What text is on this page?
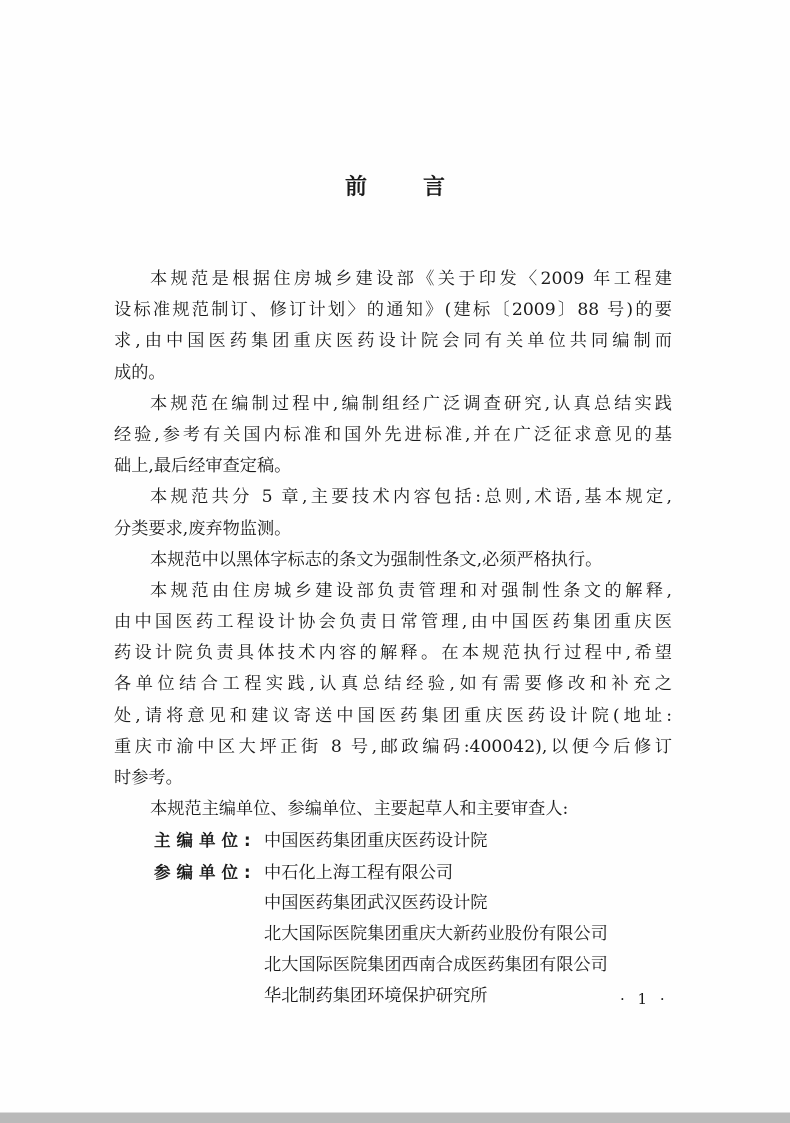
前	言
本规范是根据住房城乡建设部《关于印发〈2009 年工程建
设标准规范制订、修订计划〉的通知》(建标〔2009〕88 号)的要
求,由中国医药集团重庆医药设计院会同有关单位共同编制而
成的。
本规范在编制过程中,编制组经广泛调查研究,认真总结实践
经验,参考有关国内标准和国外先进标准,并在广泛征求意见的基
础上,最后经审查定稿。
本规范共分 5 章,主要技术内容包括:总则,术语,基本规定,
分类要求,废弃物监测。
本规范中以黑体字标志的条文为强制性条文,必须严格执行。
本规范由住房城乡建设部负责管理和对强制性条文的解释,
由中国医药工程设计协会负责日常管理,由中国医药集团重庆医
药设计院负责具体技术内容的解释。在本规范执行过程中,希望
各单位结合工程实践,认真总结经验,如有需要修改和补充之
处,请将意见和建议寄送中国医药集团重庆医药设计院(地址:
重庆市渝中区大坪正街 8 号,邮政编码:400042),以便今后修订
时参考。
本规范主编单位、参编单位、主要起草人和主要审查人:
主编单位: 中国医药集团重庆医药设计院
参编单位: 中石化上海工程有限公司
中国医药集团武汉医药设计院
北大国际医院集团重庆大新药业股份有限公司
北大国际医院集团西南合成医药集团有限公司
华北制药集团环境保护研究所	· 1 ·
